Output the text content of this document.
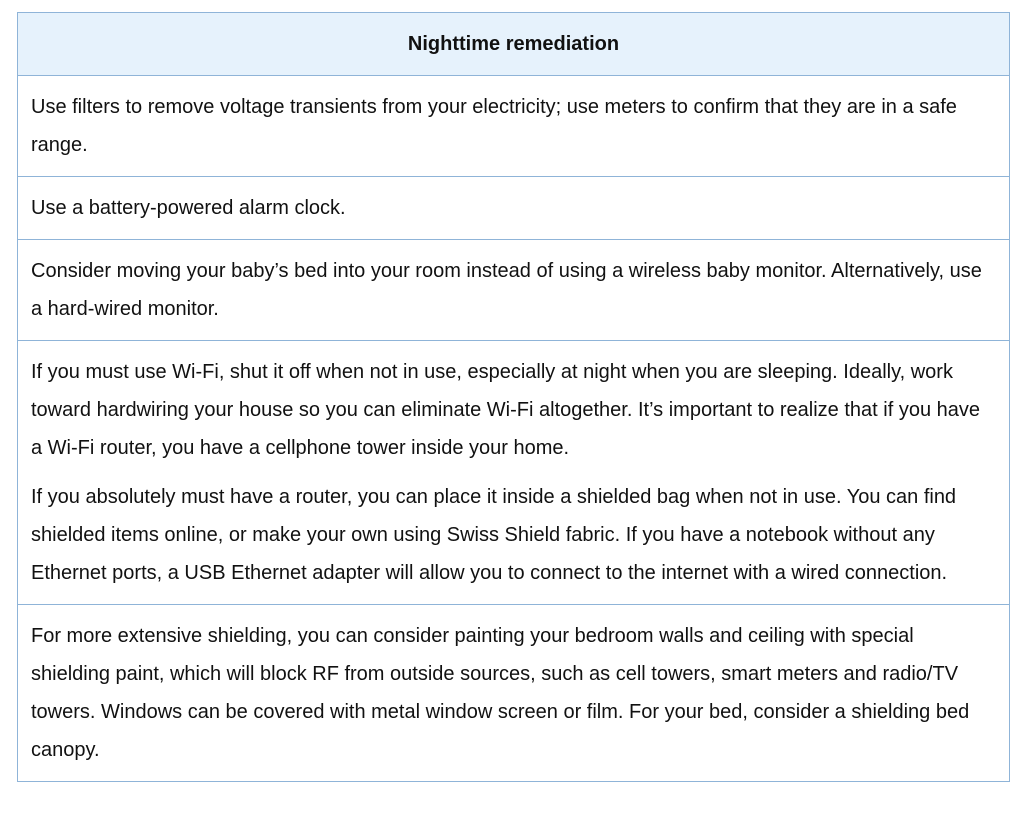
Nighttime remediation

Use filters to remove voltage transients from your electricity; use meters to confirm that they are in a safe range.

Use a battery-powered alarm clock.

Consider moving your baby’s bed into your room instead of using a wireless baby monitor. Alternatively, use a hard-wired monitor.

If you must use Wi-Fi, shut it off when not in use, especially at night when you are sleeping. Ideally, work toward hardwiring your house so you can eliminate Wi-Fi altogether. It’s important to realize that if you have a Wi-Fi router, you have a cellphone tower inside your home.

If you absolutely must have a router, you can place it inside a shielded bag when not in use. You can find shielded items online, or make your own using Swiss Shield fabric. If you have a notebook without any Ethernet ports, a USB Ethernet adapter will allow you to connect to the internet with a wired connection.

For more extensive shielding, you can consider painting your bedroom walls and ceiling with special shielding paint, which will block RF from outside sources, such as cell towers, smart meters and radio/TV towers. Windows can be covered with metal window screen or film. For your bed, consider a shielding bed canopy.
